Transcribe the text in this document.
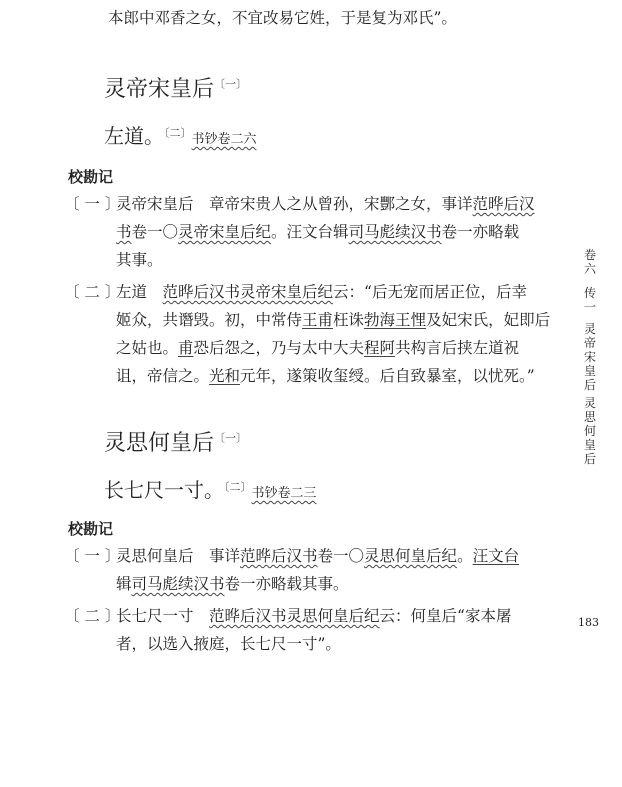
本郎中邓香之女，不宜改易它姓，于是复为邓氏”。
灵帝宋皇后$^{〔一〕}$
左道。$^{〔二〕}$书钞卷二六
校勘记
〔 一 〕
灵帝宋皇后　章帝宋贵人之从曾孙，宋酆之女，事详范晔后汉
书卷一〇灵帝宋皇后纪。汪文台辑司马彪续汉书卷一亦略载
其事。
〔 二 〕
左道　范晔后汉书灵帝宋皇后纪云：“后无宠而居正位，后幸
姬众，共谮毁。初，中常侍王甫枉诛勃海王悝及妃宋氏，妃即后
之姑也。甫恐后怨之，乃与太中大夫程阿共构言后挟左道祝
诅，帝信之。光和元年，遂策收玺绶。后自致暴室，以忧死。”
灵思何皇后$^{〔一〕}$
长七尺一寸。$^{〔二〕}$书钞卷二三
校勘记
〔 一 〕
灵思何皇后　事详范晔后汉书卷一〇灵思何皇后纪。汪文台
辑司马彪续汉书卷一亦略载其事。
〔 二 〕
长七尺一寸　范晔后汉书灵思何皇后纪云：何皇后“家本屠
者，以选入掖庭，长七尺一寸”。
卷六
传一
灵帝宋皇后
灵思何皇后
183
